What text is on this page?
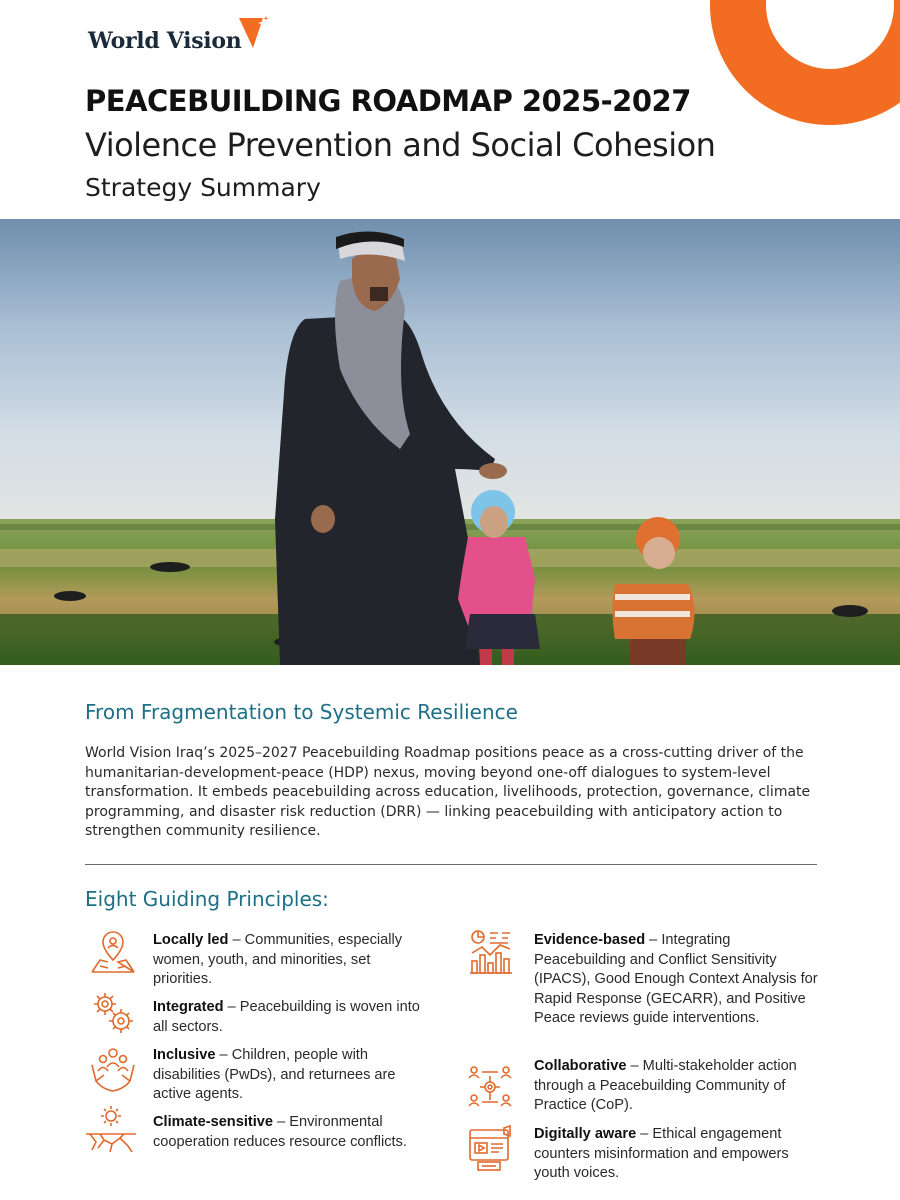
World Vision
PEACEBUILDING ROADMAP 2025-2027
Violence Prevention and Social Cohesion
Strategy Summary
From Fragmentation to Systemic Resilience
World Vision Iraq’s 2025–2027 Peacebuilding Roadmap positions peace as a cross-cutting driver of the humanitarian-development-peace (HDP) nexus, moving beyond one-off dialogues to system-level transformation. It embeds peacebuilding across education, livelihoods, protection, governance, climate programming, and disaster risk reduction (DRR) — linking peacebuilding with anticipatory action to strengthen community resilience.
Eight Guiding Principles:
Locally led – Communities, especially women, youth, and minorities, set priorities.
Integrated – Peacebuilding is woven into all sectors.
Inclusive – Children, people with disabilities (PwDs), and returnees are active agents.
Climate-sensitive – Environmental cooperation reduces resource conflicts.
Evidence-based – Integrating Peacebuilding and Conflict Sensitivity (IPACS), Good Enough Context Analysis for Rapid Response (GECARR), and Positive Peace reviews guide interventions.
Collaborative – Multi-stakeholder action through a Peacebuilding Community of Practice (CoP).
Digitally aware – Ethical engagement counters misinformation and empowers youth voices.
